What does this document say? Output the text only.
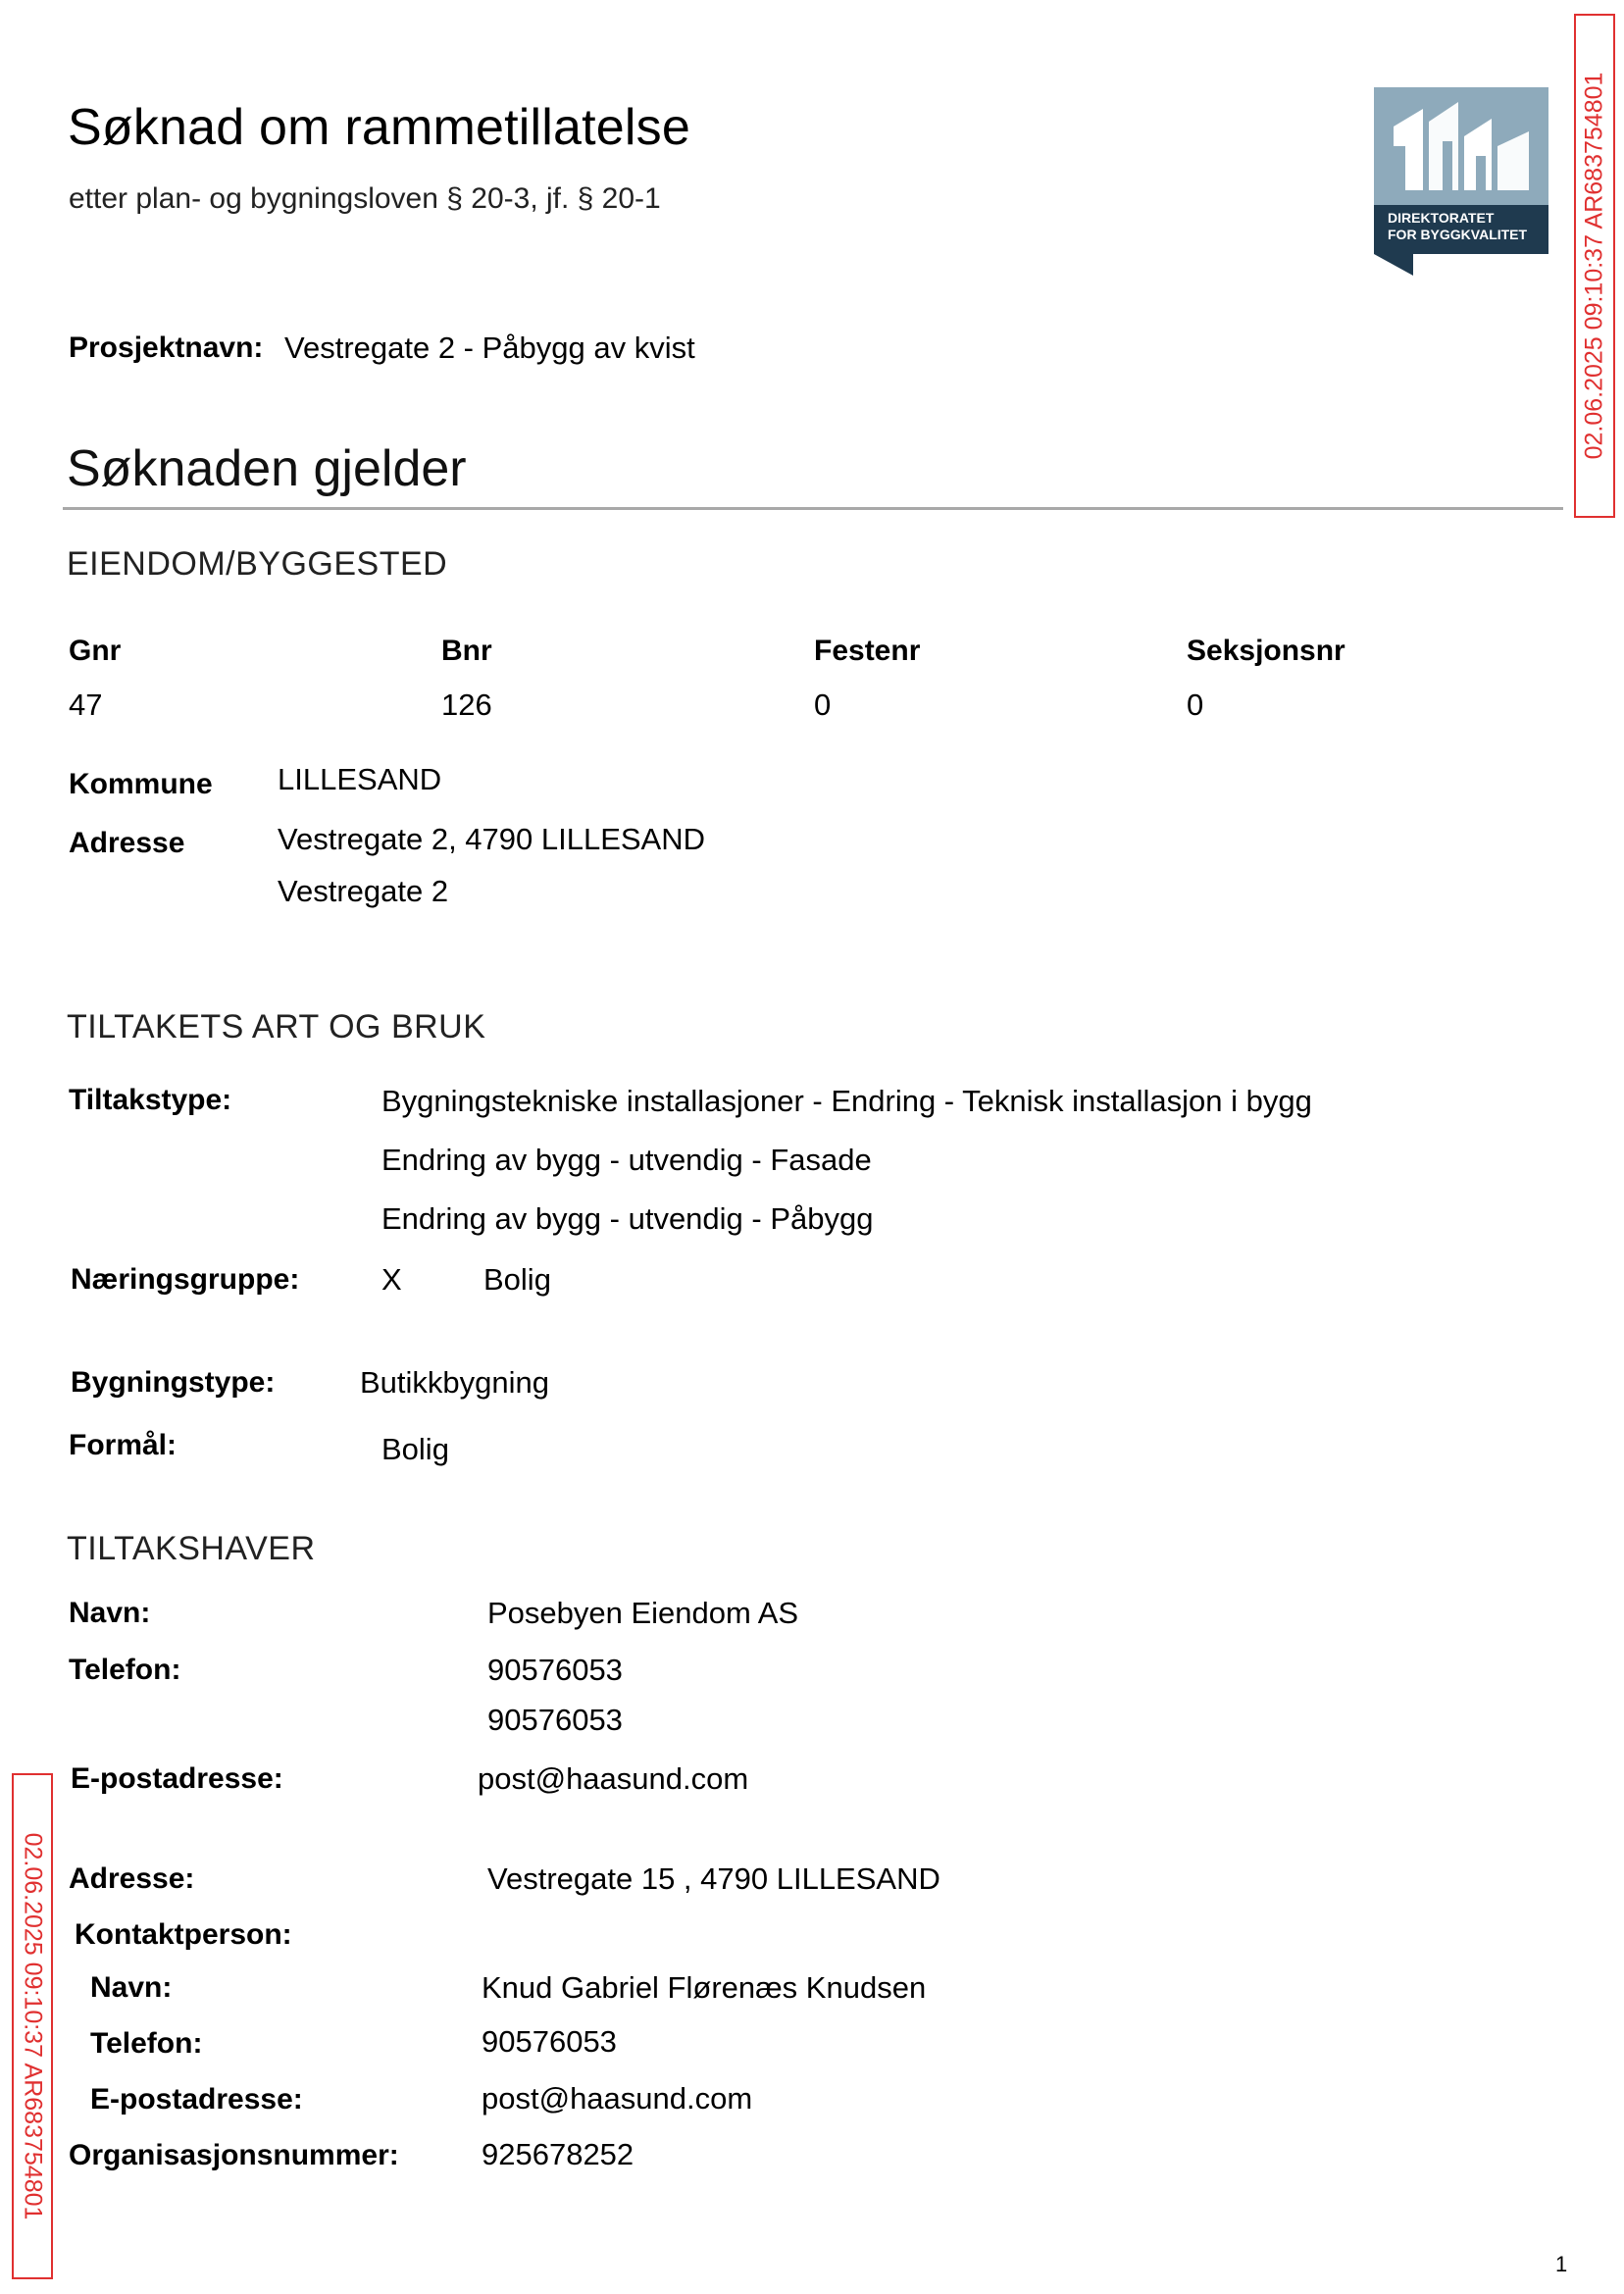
Søknad om rammetillatelse
etter plan- og bygningsloven § 20-3, jf. § 20-1
DIREKTORATET
FOR BYGGKVALITET 02.06.2025 09:10:37 AR683754801
02.06.2025 09:10:37 AR683754801
Prosjektnavn: Vestregate 2 - Påbygg av kvist
Søknaden gjelder
EIENDOM/BYGGESTED
Gnr	Bnr	Festenr	Seksjonsnr
47	126	0	0
Kommune LILLESAND
Adresse	Vestregate 2, 4790 LILLESAND
Vestregate 2
TILTAKETS ART OG BRUK
Tiltakstype:	Bygningstekniske installasjoner - Endring - Teknisk installasjon i bygg
Endring av bygg - utvendig - Fasade
Endring av bygg - utvendig - Påbygg
Næringsgruppe:	X	Bolig
Bygningstype:	Butikkbygning
Formål:	Bolig
TILTAKSHAVER
Navn:	Posebyen Eiendom AS
Telefon:	90576053
90576053
E-postadresse:	post@haasund.com
Adresse:	Vestregate 15 , 4790 LILLESAND
Kontaktperson:
Navn:	Knud Gabriel Flørenæs Knudsen
Telefon:	90576053
E-postadresse:	post@haasund.com
Organisasjonsnummer:	925678252
1
